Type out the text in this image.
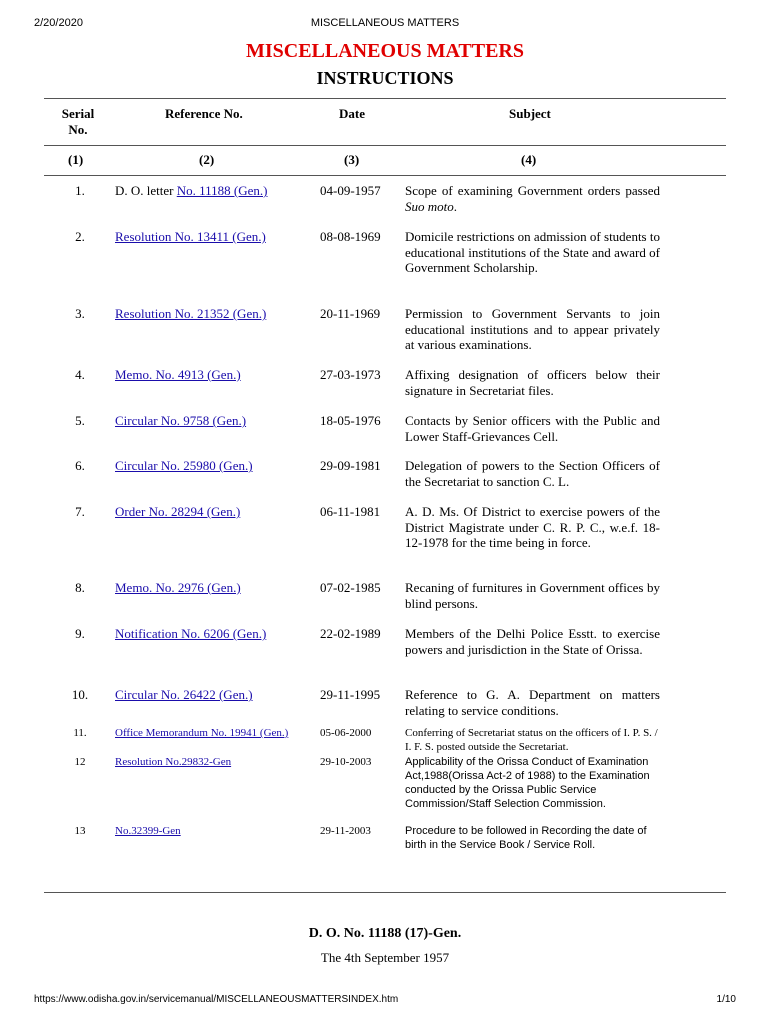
2/20/2020	MISCELLANEOUS MATTERS
MISCELLANEOUS MATTERS
INSTRUCTIONS
Serial No.
Reference No.	Date	Subject
(1)	(2)	(3)	(4)
1.	D. O. letter No. 11188 (Gen.)	04-09-1957	Scope of examining Government orders passed Suo moto.
2.	Resolution No. 13411 (Gen.)	08-08-1969	Domicile restrictions on admission of students to educational institutions of the State and award of Government Scholarship.
3.	Resolution No. 21352 (Gen.)	20-11-1969	Permission to Government Servants to join educational institutions and to appear privately at various examinations.
4.	Memo. No. 4913 (Gen.)	27-03-1973	Affixing designation of officers below their signature in Secretariat files.
5.	Circular No. 9758 (Gen.)	18-05-1976	Contacts by Senior officers with the Public and Lower Staff-Grievances Cell.
6.	Circular No. 25980 (Gen.)	29-09-1981	Delegation of powers to the Section Officers of the Secretariat to sanction C. L.
7.	Order No. 28294 (Gen.)	06-11-1981	A. D. Ms. Of District to exercise powers of the District Magistrate under C. R. P. C., w.e.f. 18-12-1978 for the time being in force.
8.	Memo. No. 2976 (Gen.)	07-02-1985	Recaning of furnitures in Government offices by blind persons.
9.	Notification No. 6206 (Gen.)	22-02-1989	Members of the Delhi Police Esstt. to exercise powers and jurisdiction in the State of Orissa.
10.	Circular No. 26422 (Gen.)	29-11-1995	Reference to G. A. Department on matters relating to service conditions.
11.	Office Memorandum No. 19941 (Gen.)	05-06-2000	Conferring of Secretariat status on the officers of I. P. S. / I. F. S. posted outside the Secretariat.
12	Resolution No.29832-Gen	29-10-2003	Applicability of the Orissa Conduct of Examination Act,1988(Orissa Act-2 of 1988) to the Examination conducted by the Orissa Public Service Commission/Staff Selection Commission.
13	No.32399-Gen	29-11-2003	Procedure to be followed in Recording the date of birth in the Service Book / Service Roll.
D. O. No. 11188 (17)-Gen.
The 4th September 1957
https://www.odisha.gov.in/servicemanual/MISCELLANEOUSMATTERSINDEX.htm	1/10
